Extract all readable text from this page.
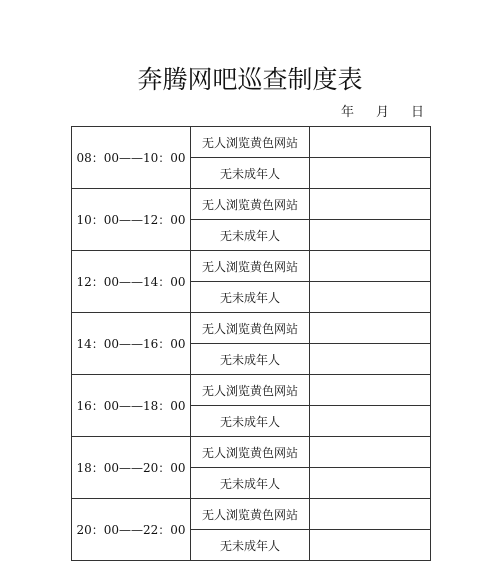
奔腾网吧巡查制度表
年 月 日
08：00——10：00	无人浏览黄色网站	
	无未成年人	
10：00——12：00	无人浏览黄色网站	
	无未成年人	
12：00——14：00	无人浏览黄色网站	
	无未成年人	
14：00——16：00	无人浏览黄色网站	
	无未成年人	
16：00——18：00	无人浏览黄色网站	
	无未成年人	
18：00——20：00	无人浏览黄色网站	
	无未成年人	
20：00——22：00	无人浏览黄色网站	
	无未成年人	
